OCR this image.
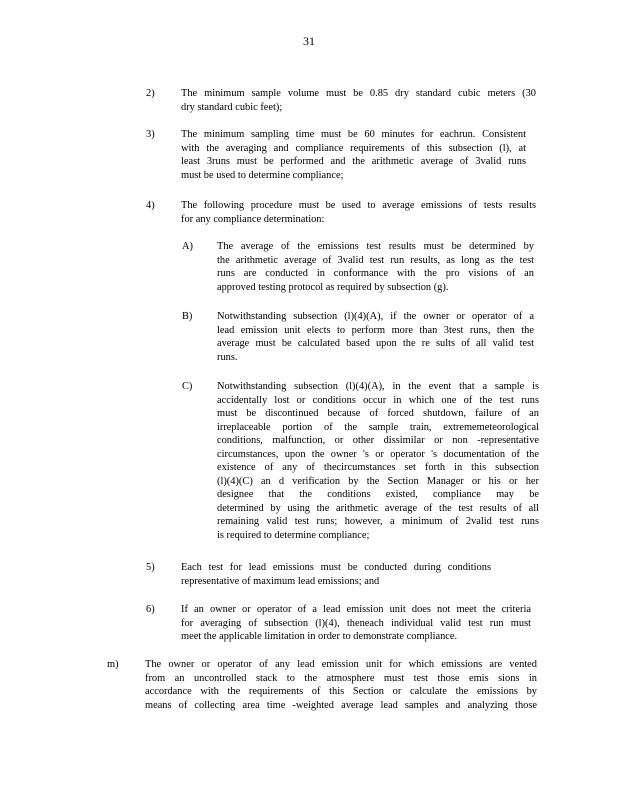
31
2)	The minimum sample volume must be 0.85 dry standard cubic meters (30
dry standard cubic feet);
3)	The minimum sampling time must be 60 minutes for eachrun. Consistent
with the averaging and compliance requirements of this subsection (l), at
least 3runs must be performed and the arithmetic average of 3valid runs
must be used to determine compliance;
4)	The following procedure must be used to average emissions of tests results
for any compliance determination:
A) The average of the emissions test results must be determined by
the arithmetic average of 3valid test run results, as long as the test
runs are conducted in conformance with the pro visions of an
approved testing protocol as required by subsection (g).
B) Notwithstanding subsection (l)(4)(A), if the owner or operator of a
lead emission unit elects to perform more than 3test runs, then the
average must be calculated based upon the re sults of all valid test
runs.
C) Notwithstanding subsection (l)(4)(A), in the event that a sample is
accidentally lost or conditions occur in which one of the test runs
must be discontinued because of forced shutdown, failure of an
irreplaceable portion of the sample train, extrememeteorological
conditions, malfunction, or other dissimilar or non -representative
circumstances, upon the owner 's or operator 's documentation of the
existence of any of thecircumstances set forth in this subsection
(l)(4)(C) an d verification by the Section Manager or his or her
designee that the conditions existed, compliance may be
determined by using the arithmetic average of the test results of all
remaining valid test runs; however, a minimum of 2valid test runs
is required to determine compliance;
5)	Each test for lead emissions must be conducted during conditions
representative of maximum lead emissions; and
6)	If an owner or operator of a lead emission unit does not meet the criteria
for averaging of subsection (l)(4), theneach individual valid test run must
meet the applicable limitation in order to demonstrate compliance.
m)	The owner or operator of any lead emission unit for which emissions are vented
from an uncontrolled stack to the atmosphere must test those emis sions in
accordance with the requirements of this Section or calculate the emissions by
means of collecting area time -weighted average lead samples and analyzing those
